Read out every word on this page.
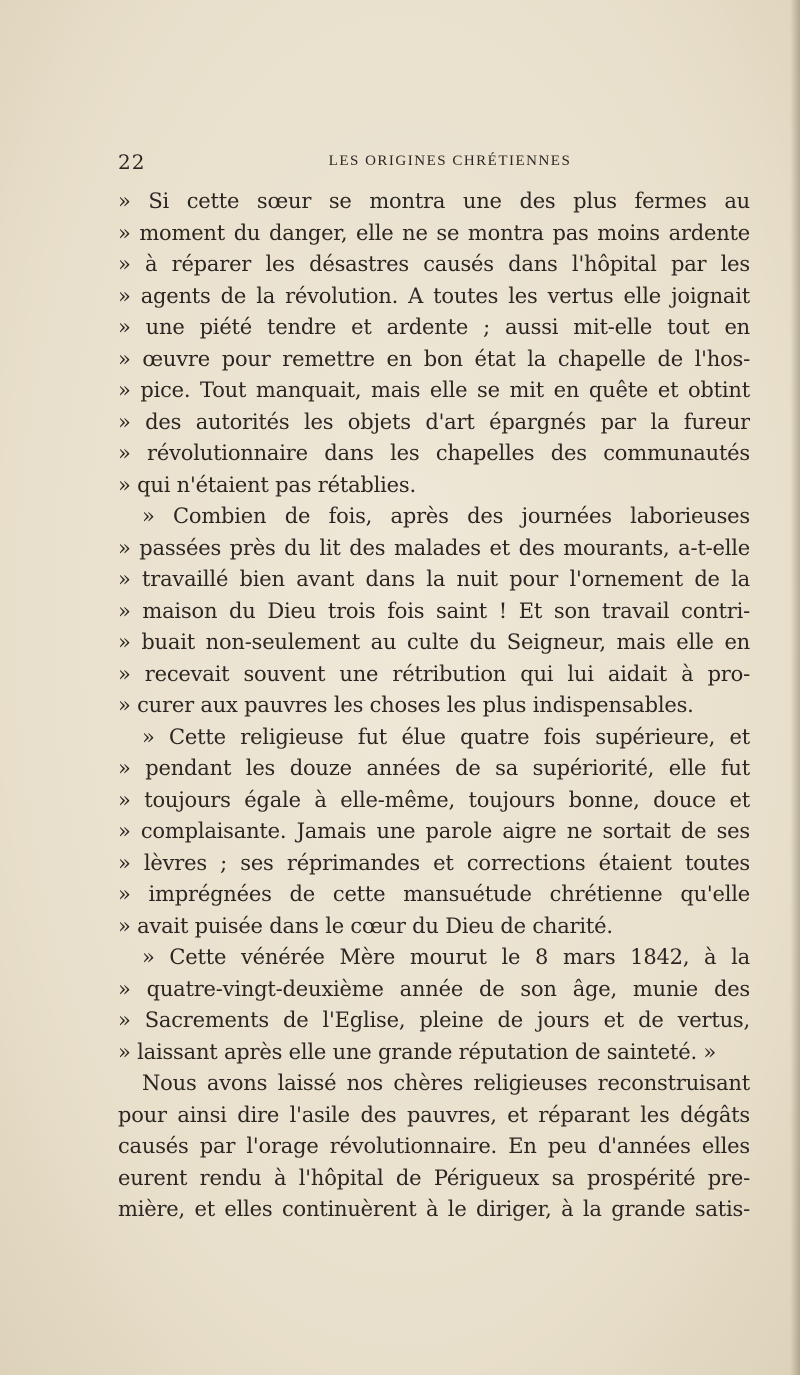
22	LES ORIGINES CHRÉTIENNES
» Si cette sœur se montra une des plus fermes au
» moment du danger, elle ne se montra pas moins ardente
» à réparer les désastres causés dans l'hôpital par les
» agents de la révolution. A toutes les vertus elle joignait
» une piété tendre et ardente ; aussi mit-elle tout en
» œuvre pour remettre en bon état la chapelle de l'hos-
» pice. Tout manquait, mais elle se mit en quête et obtint
» des autorités les objets d'art épargnés par la fureur
» révolutionnaire dans les chapelles des communautés
» qui n'étaient pas rétablies.
» Combien de fois, après des journées laborieuses
» passées près du lit des malades et des mourants, a-t-elle
» travaillé bien avant dans la nuit pour l'ornement de la
» maison du Dieu trois fois saint ! Et son travail contri-
» buait non-seulement au culte du Seigneur, mais elle en
» recevait souvent une rétribution qui lui aidait à pro-
» curer aux pauvres les choses les plus indispensables.
» Cette religieuse fut élue quatre fois supérieure, et
» pendant les douze années de sa supériorité, elle fut
» toujours égale à elle-même, toujours bonne, douce et
» complaisante. Jamais une parole aigre ne sortait de ses
» lèvres ; ses réprimandes et corrections étaient toutes
» imprégnées de cette mansuétude chrétienne qu'elle
» avait puisée dans le cœur du Dieu de charité.
» Cette vénérée Mère mourut le 8 mars 1842, à la
» quatre-vingt-deuxième année de son âge, munie des
» Sacrements de l'Eglise, pleine de jours et de vertus,
» laissant après elle une grande réputation de sainteté. »
Nous avons laissé nos chères religieuses reconstruisant
pour ainsi dire l'asile des pauvres, et réparant les dégâts
causés par l'orage révolutionnaire. En peu d'années elles
eurent rendu à l'hôpital de Périgueux sa prospérité pre-
mière, et elles continuèrent à le diriger, à la grande satis-
